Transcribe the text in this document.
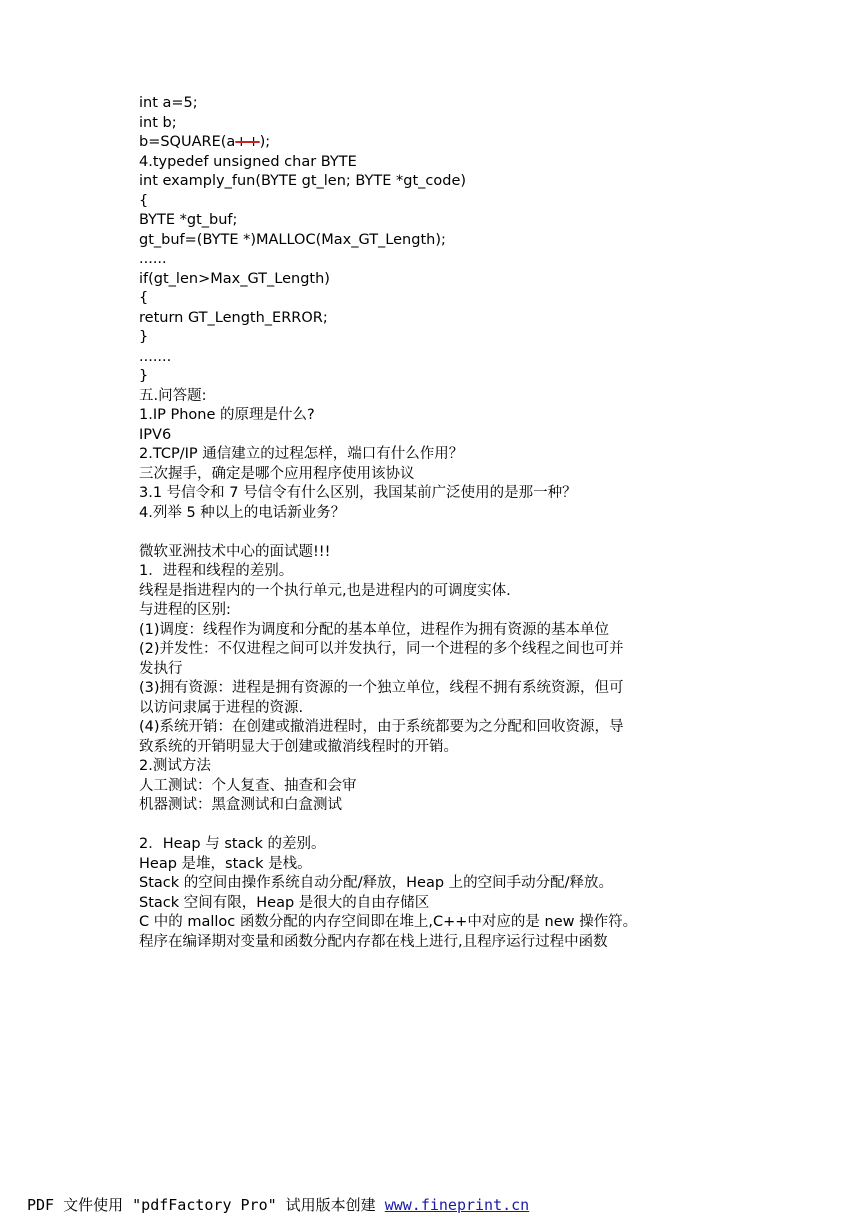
int a=5;
int b;
b=SQUARE(a++);
4.typedef unsigned char BYTE
int examply_fun(BYTE gt_len; BYTE *gt_code)
{
BYTE *gt_buf;
gt_buf=(BYTE *)MALLOC(Max_GT_Length);
......
if(gt_len>Max_GT_Length)
{
return GT_Length_ERROR;
}
.......
}
五.问答题:
1.IP Phone 的原理是什么?
IPV6
2.TCP/IP 通信建立的过程怎样，端口有什么作用？
三次握手，确定是哪个应用程序使用该协议
3.1 号信令和 7 号信令有什么区别，我国某前广泛使用的是那一种？
4.列举 5 种以上的电话新业务？
微软亚洲技术中心的面试题!!!
1．进程和线程的差别。
线程是指进程内的一个执行单元,也是进程内的可调度实体.
与进程的区别:
(1)调度：线程作为调度和分配的基本单位，进程作为拥有资源的基本单位
(2)并发性：不仅进程之间可以并发执行，同一个进程的多个线程之间也可并
发执行
(3)拥有资源：进程是拥有资源的一个独立单位，线程不拥有系统资源，但可
以访问隶属于进程的资源.
(4)系统开销：在创建或撤消进程时，由于系统都要为之分配和回收资源，导
致系统的开销明显大于创建或撤消线程时的开销。
2.测试方法
人工测试：个人复查、抽查和会审
机器测试：黑盒测试和白盒测试
2．Heap 与 stack 的差别。
Heap 是堆，stack 是栈。
Stack 的空间由操作系统自动分配/释放，Heap 上的空间手动分配/释放。
Stack 空间有限，Heap 是很大的自由存储区
C 中的 malloc 函数分配的内存空间即在堆上,C++中对应的是 new 操作符。
程序在编译期对变量和函数分配内存都在栈上进行,且程序运行过程中函数
PDF 文件使用 "pdfFactory Pro" 试用版本创建 www.fineprint.cn
